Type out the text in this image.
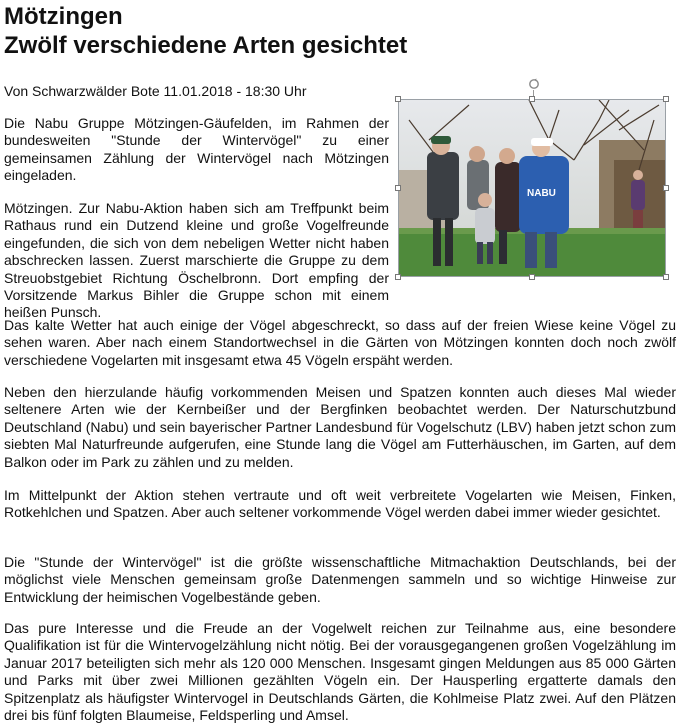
Mötzingen
Zwölf verschiedene Arten gesichtet
Von Schwarzwälder Bote 11.01.2018 - 18:30 Uhr
NABU
Die Nabu Gruppe Mötzingen-Gäufelden, im Rahmen der bundesweiten "Stunde der Wintervögel" zu einer gemeinsamen Zählung der Wintervögel nach Mötzingen eingeladen.
Mötzingen. Zur Nabu-Aktion haben sich am Treffpunkt beim Rathaus rund ein Dutzend kleine und große Vogelfreunde eingefunden, die sich von dem nebeligen Wetter nicht haben abschrecken lassen. Zuerst marschierte die Gruppe zu dem Streuobstgebiet Richtung Öschelbronn. Dort empfing der Vorsitzende Markus Bihler die Gruppe schon mit einem heißen Punsch.
Das kalte Wetter hat auch einige der Vögel abgeschreckt, so dass auf der freien Wiese keine Vögel zu sehen waren. Aber nach einem Standortwechsel in die Gärten von Mötzingen konnten doch noch zwölf verschiedene Vogelarten mit insgesamt etwa 45 Vögeln erspäht werden.
Neben den hierzulande häufig vorkommenden Meisen und Spatzen konnten auch dieses Mal wieder seltenere Arten wie der Kernbeißer und der Bergfinken beobachtet werden. Der Naturschutzbund Deutschland (Nabu) und sein bayerischer Partner Landesbund für Vogelschutz (LBV) haben jetzt schon zum siebten Mal Naturfreunde aufgerufen, eine Stunde lang die Vögel am Futterhäuschen, im Garten, auf dem Balkon oder im Park zu zählen und zu melden.
Im Mittelpunkt der Aktion stehen vertraute und oft weit verbreitete Vogelarten wie Meisen, Finken, Rotkehlchen und Spatzen. Aber auch seltener vorkommende Vögel werden dabei immer wieder gesichtet.
Die "Stunde der Wintervögel" ist die größte wissenschaftliche Mitmachaktion Deutschlands, bei der möglichst viele Menschen gemeinsam große Datenmengen sammeln und so wichtige Hinweise zur Entwicklung der heimischen Vogelbestände geben.
Das pure Interesse und die Freude an der Vogelwelt reichen zur Teilnahme aus, eine besondere Qualifikation ist für die Wintervogelzählung nicht nötig. Bei der vorausgegangenen großen Vogelzählung im Januar 2017 beteiligten sich mehr als 120 000 Menschen. Insgesamt gingen Meldungen aus 85 000 Gärten und Parks mit über zwei Millionen gezählten Vögeln ein. Der Hausperling ergatterte damals den Spitzenplatz als häufigster Wintervogel in Deutschlands Gärten, die Kohlmeise Platz zwei. Auf den Plätzen drei bis fünf folgten Blaumeise, Feldsperling und Amsel.
